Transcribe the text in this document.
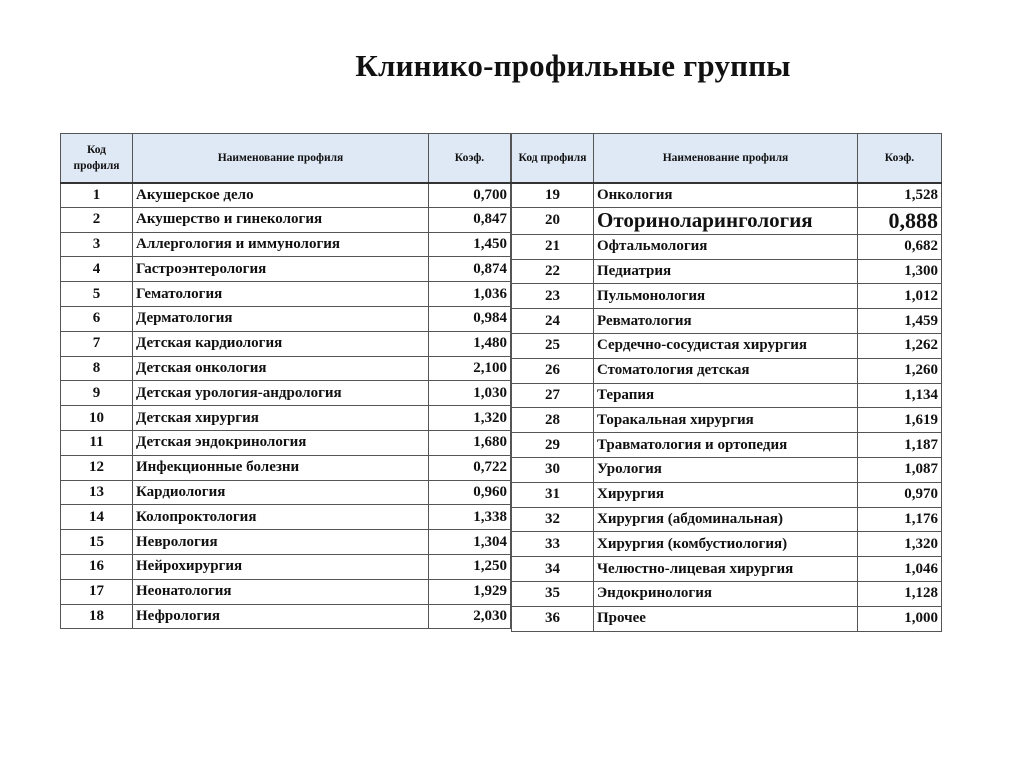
Клинико-профильные группы
Код профиля	Наименование профиля	Коэф.
1	Акушерское дело	0,700
2	Акушерство и гинекология	0,847
3	Аллергология и иммунология	1,450
4	Гастроэнтерология	0,874
5	Гематология	1,036
6	Дерматология	0,984
7	Детская кардиология	1,480
8	Детская онкология	2,100
9	Детская урология-андрология	1,030
10	Детская хирургия	1,320
11	Детская эндокринология	1,680
12	Инфекционные болезни	0,722
13	Кардиология	0,960
14	Колопроктология	1,338
15	Неврология	1,304
16	Нейрохирургия	1,250
17	Неонатология	1,929
18	Нефрология	2,030
Код профиля	Наименование профиля	Коэф.
19	Онкология	1,528
20	Оториноларингология	0,888
21	Офтальмология	0,682
22	Педиатрия	1,300
23	Пульмонология	1,012
24	Ревматология	1,459
25	Сердечно-сосудистая хирургия	1,262
26	Стоматология детская	1,260
27	Терапия	1,134
28	Торакальная хирургия	1,619
29	Травматология и ортопедия	1,187
30	Урология	1,087
31	Хирургия	0,970
32	Хирургия (абдоминальная)	1,176
33	Хирургия (комбустиология)	1,320
34	Челюстно-лицевая хирургия	1,046
35	Эндокринология	1,128
36	Прочее	1,000
